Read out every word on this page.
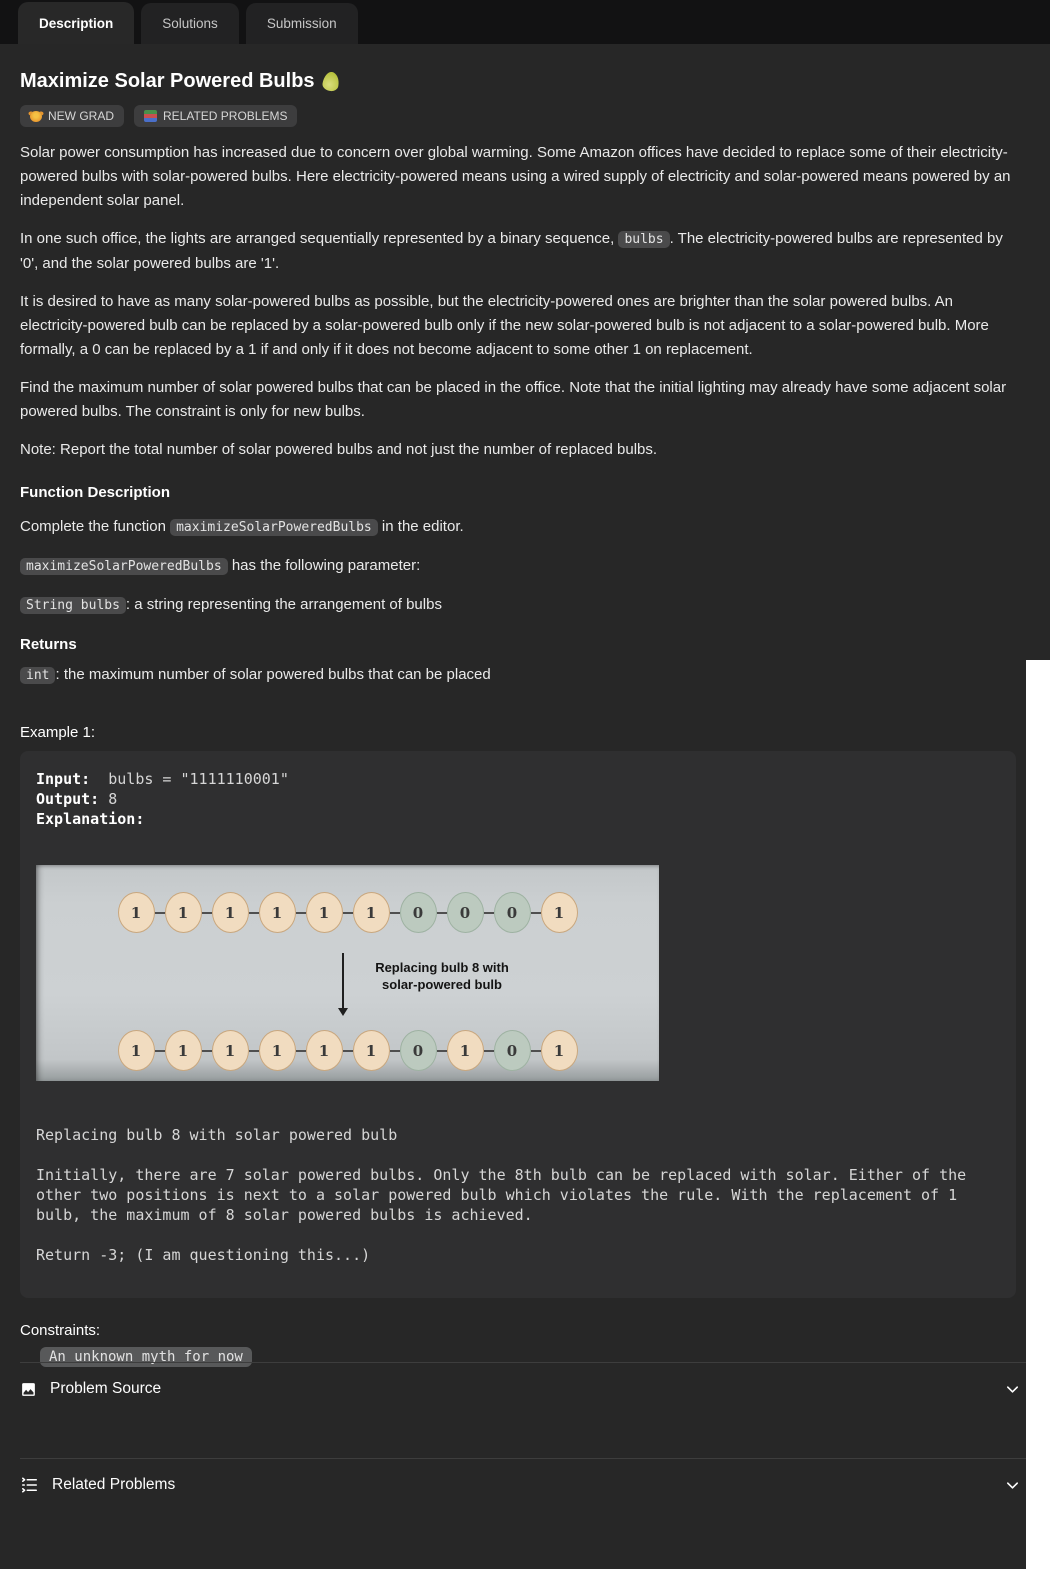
Description	Solutions	Submission
Maximize Solar Powered Bulbs
NEW GRAD	RELATED PROBLEMS

Solar power consumption has increased due to concern over global warming. Some Amazon offices have decided to replace some of their electricity-powered bulbs with solar-powered bulbs. Here electricity-powered means using a wired supply of electricity and solar-powered means powered by an independent solar panel.

In one such office, the lights are arranged sequentially represented by a binary sequence, bulbs . The electricity-powered bulbs are represented by '0', and the solar powered bulbs are '1'.

It is desired to have as many solar-powered bulbs as possible, but the electricity-powered ones are brighter than the solar powered bulbs. An electricity-powered bulb can be replaced by a solar-powered bulb only if the new solar-powered bulb is not adjacent to a solar-powered bulb. More formally, a 0 can be replaced by a 1 if and only if it does not become adjacent to some other 1 on replacement.

Find the maximum number of solar powered bulbs that can be placed in the office. Note that the initial lighting may already have some adjacent solar powered bulbs. The constraint is only for new bulbs.

Note: Report the total number of solar powered bulbs and not just the number of replaced bulbs.

Function Description

Complete the function maximizeSolarPoweredBulbs in the editor.

maximizeSolarPoweredBulbs has the following parameter:

String bulbs : a string representing the arrangement of bulbs

Returns

int : the maximum number of solar powered bulbs that can be placed

Example 1:
Input:  bulbs = "1111110001"
Output: 8
Explanation:
1	1	1	1	1	1	0	0	0	1
Replacing bulb 8 with
solar-powered bulb
1	1	1	1	1	1	0	1	0	1
Replacing bulb 8 with solar powered bulb
Initially, there are 7 solar powered bulbs. Only the 8th bulb can be replaced with solar. Either of the other two positions is next to a solar powered bulb which violates the rule. With the replacement of 1 bulb, the maximum of 8 solar powered bulbs is achieved.
Return -3; (I am questioning this...)
Constraints:
An unknown myth for now
Problem Source
Related Problems
